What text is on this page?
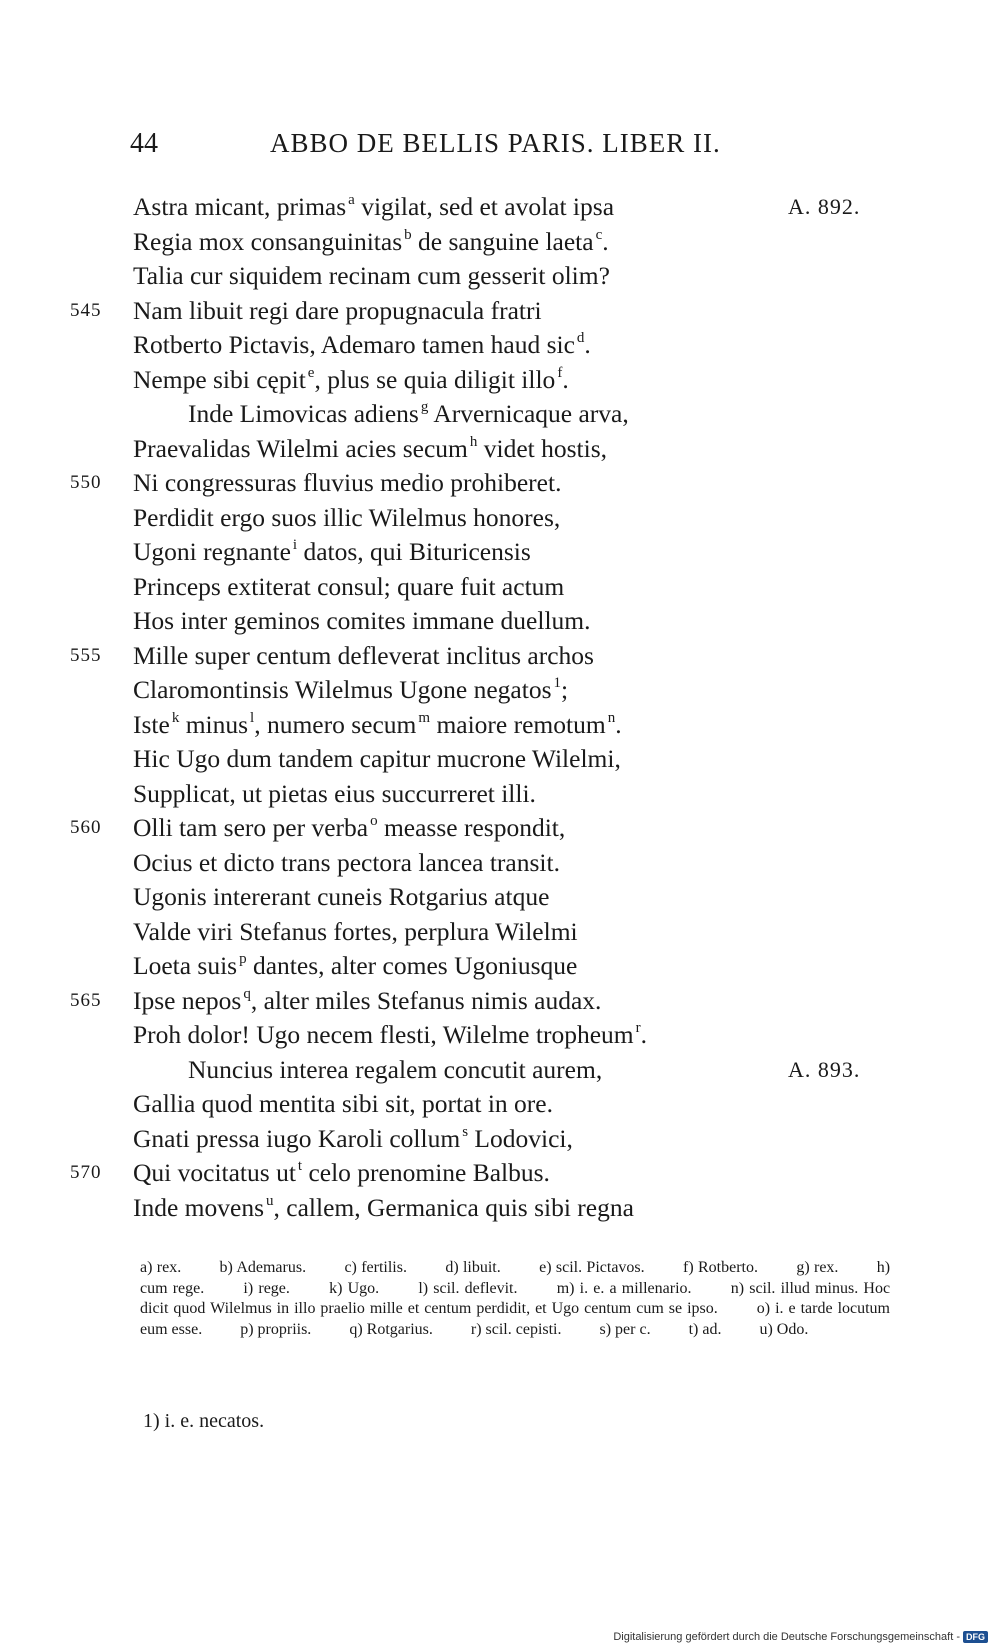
44	ABBO DE BELLIS PARIS. LIBER II.
Astra micant, primas $^a$ vigilat, sed et avolat ipsa	A. 892.
Regia mox consanguinitas $^b$ de sanguine laeta $^c$.
Talia cur siquidem recinam cum gesserit olim?
545	Nam libuit regi dare propugnacula fratri
Rotberto Pictavis, Ademaro tamen haud sic $^d$.
Nempe sibi cępit $^e$, plus se quia diligit illo $^f$.
Inde Limovicas adiens $^g$ Arvernicaque arva,
Praevalidas Wilelmi acies secum $^h$ videt hostis,
550	Ni congressuras fluvius medio prohiberet.
Perdidit ergo suos illic Wilelmus honores,
Ugoni regnante $^i$ datos, qui Bituricensis
Princeps extiterat consul; quare fuit actum
Hos inter geminos comites immane duellum.
555	Mille super centum defleverat inclitus archos
Claromontinsis Wilelmus Ugone negatos $^1$;
Iste $^k$ minus $^l$, numero secum $^m$ maiore remotum $^n$.
Hic Ugo dum tandem capitur mucrone Wilelmi,
Supplicat, ut pietas eius succurreret illi.
560	Olli tam sero per verba $^o$ measse respondit,
Ocius et dicto trans pectora lancea transit.
Ugonis intererant cuneis Rotgarius atque
Valde viri Stefanus fortes, perplura Wilelmi
Loeta suis $^p$ dantes, alter comes Ugoniusque
565	Ipse nepos $^q$, alter miles Stefanus nimis audax.
Proh dolor! Ugo necem flesti, Wilelme tropheum $^r$.
Nuncius interea regalem concutit aurem,	A. 893.
Gallia quod mentita sibi sit, portat in ore.
Gnati pressa iugo Karoli collum $^s$ Lodovici,
570	Qui vocitatus ut $^t$ celo prenomine Balbus.
Inde movens $^u$, callem, Germanica quis sibi regna
a) rex. b) Ademarus. c) fertilis. d) libuit. e) scil. Pictavos. f) Rotberto. g) rex. h) cum rege. i) rege. k) Ugo. l) scil. deflevit. m) i. e. a millenario. n) scil. illud minus. Hoc dicit quod Wilelmus in illo praelio mille et centum perdidit, et Ugo centum cum se ipso. o) i. e tarde locutum eum esse. p) propriis. q) Rotgarius. r) scil. cepisti. s) per c. t) ad. u) Odo.
1) i. e. necatos.
Digitalisierung gefördert durch die Deutsche Forschungsgemeinschaft - DFG
